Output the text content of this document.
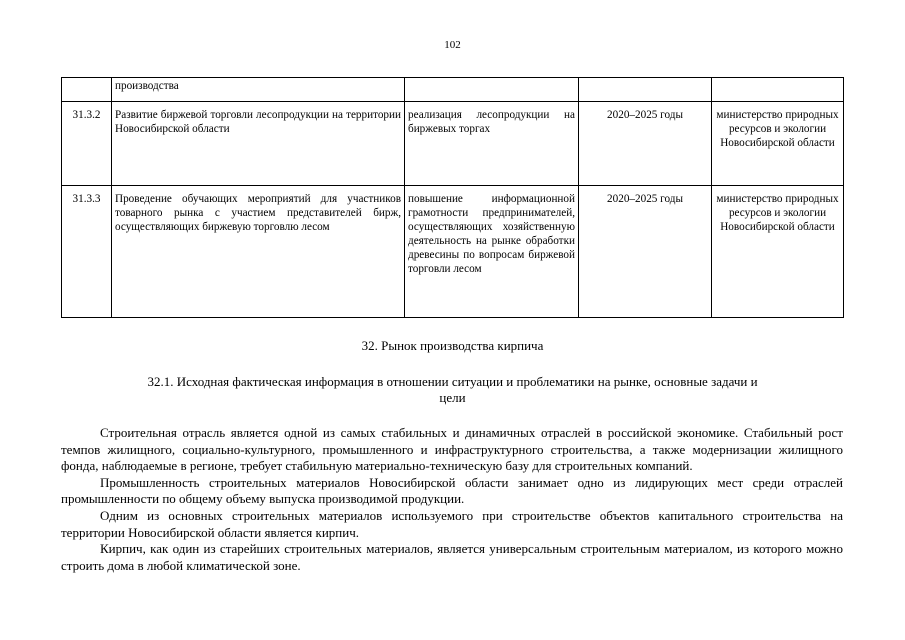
102
	производства			
31.3.2	Развитие биржевой торговли лесопродукции на территории Новосибирской области	реализация лесопродукции на биржевых торгах	2020–2025 годы	министерство природных ресурсов и экологии Новосибирской области
31.3.3	Проведение обучающих мероприятий для участников товарного рынка с участием представителей бирж, осуществляющих биржевую торговлю лесом	повышение информационной грамотности предпринимателей, осуществляющих хозяйственную деятельность на рынке обработки древесины по вопросам биржевой торговли лесом	2020–2025 годы	министерство природных ресурсов и экологии Новосибирской области
32. Рынок производства кирпича
32.1. Исходная фактическая информация в отношении ситуации и проблематики на рынке, основные задачи и цели

Строительная отрасль является одной из самых стабильных и динамичных отраслей в российской экономике. Стабильный рост темпов жилищного, социально-культурного, промышленного и инфраструктурного строительства, а также модернизации жилищного фонда, наблюдаемые в регионе, требует стабильную материально-техническую базу для строительных компаний.

Промышленность строительных материалов Новосибирской области занимает одно из лидирующих мест среди отраслей промышленности по общему объему выпуска производимой продукции.

Одним из основных строительных материалов используемого при строительстве объектов капитального строительства на территории Новосибирской области является кирпич.

Кирпич, как один из старейших строительных материалов, является универсальным строительным материалом, из которого можно строить дома в любой климатической зоне.
